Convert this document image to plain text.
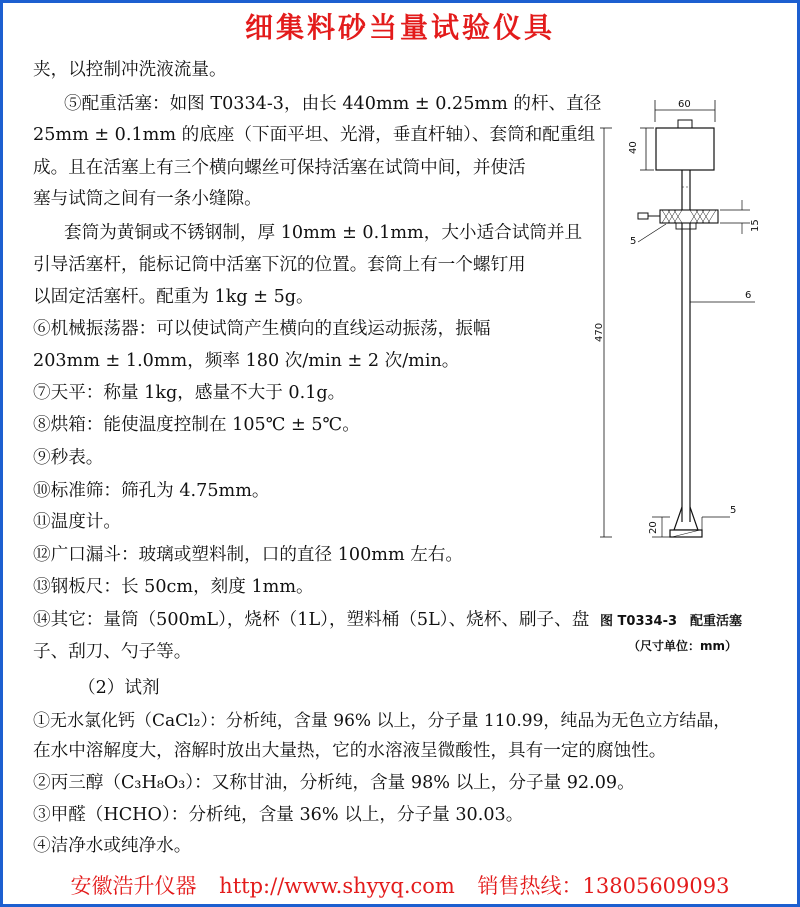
细集料砂当量试验仪具
夹，以控制冲洗液流量。
⑤配重活塞：如图 T0334-3，由长 440mm ± 0.25mm 的杆、直径
25mm ± 0.1mm 的底座（下面平坦、光滑，垂直杆轴）、套筒和配重组
成。且在活塞上有三个横向螺丝可保持活塞在试筒中间，并使活
塞与试筒之间有一条小缝隙。
套筒为黄铜或不锈钢制，厚 10mm ± 0.1mm，大小适合试筒并且
引导活塞杆，能标记筒中活塞下沉的位置。套筒上有一个螺钉用
以固定活塞杆。配重为 1kg ± 5g。
⑥机械振荡器：可以使试筒产生横向的直线运动振荡，振幅
203mm ± 1.0mm，频率 180 次/min ± 2 次/min。
⑦天平：称量 1kg，感量不大于 0.1g。
⑧烘箱：能使温度控制在 105℃ ± 5℃。
⑨秒表。
⑩标准筛：筛孔为 4.75mm。
⑪温度计。
⑫广口漏斗：玻璃或塑料制，口的直径 100mm 左右。
⑬钢板尺：长 50cm，刻度 1mm。
⑭其它：量筒（500mL），烧杯（1L），塑料桶（5L）、烧杯、刷子、盘
子、刮刀、勺子等。
（2）试剂
①无水氯化钙（CaCl₂）：分析纯，含量 96% 以上，分子量 110.99，纯品为无色立方结晶，
在水中溶解度大，溶解时放出大量热，它的水溶液呈微酸性，具有一定的腐蚀性。
②丙三醇（C₃H₈O₃）：又称甘油，分析纯，含量 98% 以上，分子量 92.09。
③甲醛（HCHO）：分析纯，含量 36% 以上，分子量 30.03。
④洁净水或纯净水。
60
40
15
5
6
470
20
5
图 T0334-3　配重活塞
（尺寸单位：mm）
安徽浩升仪器 http://www.shyyq.com 销售热线：13805609093
